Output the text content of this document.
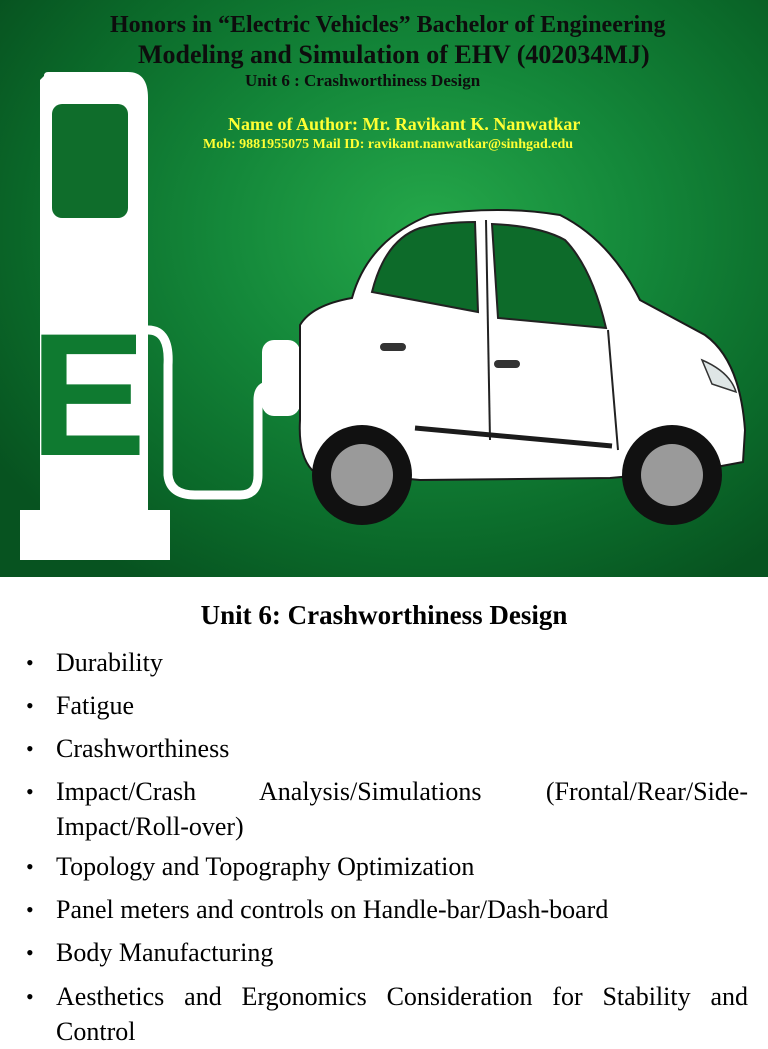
E
Honors in “Electric Vehicles” Bachelor of Engineering
Modeling and Simulation of EHV (402034MJ)
Unit 6 : Crashworthiness Design
Name of Author: Mr. Ravikant K. Nanwatkar
Mob: 9881955075 Mail ID: ravikant.nanwatkar@sinhgad.edu
Unit 6: Crashworthiness Design
• Durability
• Fatigue
• Crashworthiness
• Impact/Crash Analysis/Simulations (Frontal/Rear/Side-Impact/Roll-over)
• Topology and Topography Optimization
• Panel meters and controls on Handle-bar/Dash-board
• Body Manufacturing
• Aesthetics and Ergonomics Consideration for Stability and Control
